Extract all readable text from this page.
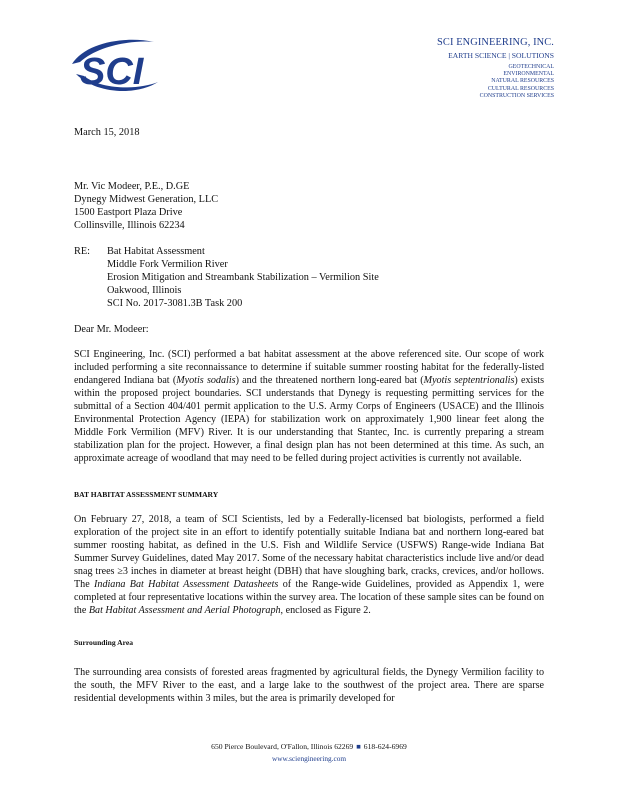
SCI
SCI ENGINEERING, INC.
EARTH SCIENCE | SOLUTIONS
GEOTECHNICAL
ENVIRONMENTAL
NATURAL RESOURCES
CULTURAL RESOURCES
CONSTRUCTION SERVICES
March 15, 2018
Mr. Vic Modeer, P.E., D.GE
Dynegy Midwest Generation, LLC
1500 Eastport Plaza Drive
Collinsville, Illinois 62234
RE:	Bat Habitat Assessment
Middle Fork Vermilion River
Erosion Mitigation and Streambank Stabilization – Vermilion Site
Oakwood, Illinois
SCI No. 2017-3081.3B Task 200
Dear Mr. Modeer:

SCI Engineering, Inc. (SCI) performed a bat habitat assessment at the above referenced site. Our scope of work included performing a site reconnaissance to determine if suitable summer roosting habitat for the federally-listed endangered Indiana bat (Myotis sodalis) and the threatened northern long-eared bat (Myotis septentrionalis) exists within the proposed project boundaries. SCI understands that Dynegy is requesting permitting services for the submittal of a Section 404/401 permit application to the U.S. Army Corps of Engineers (USACE) and the Illinois Environmental Protection Agency (IEPA) for stabilization work on approximately 1,900 linear feet along the Middle Fork Vermilion (MFV) River. It is our understanding that Stantec, Inc. is currently preparing a stream stabilization plan for the project. However, a final design plan has not been determined at this time. As such, an approximate acreage of woodland that may need to be felled during project activities is currently not available.

BAT HABITAT ASSESSMENT SUMMARY

On February 27, 2018, a team of SCI Scientists, led by a Federally-licensed bat biologists, performed a field exploration of the project site in an effort to identify potentially suitable Indiana bat and northern long-eared bat summer roosting habitat, as defined in the U.S. Fish and Wildlife Service (USFWS) Range-wide Indiana Bat Summer Survey Guidelines, dated May 2017. Some of the necessary habitat characteristics include live and/or dead snag trees ≥3 inches in diameter at breast height (DBH) that have sloughing bark, cracks, crevices, and/or hollows. The Indiana Bat Habitat Assessment Datasheets of the Range-wide Guidelines, provided as Appendix 1, were completed at four representative locations within the survey area. The location of these sample sites can be found on the Bat Habitat Assessment and Aerial Photograph, enclosed as Figure 2.

Surrounding Area

The surrounding area consists of forested areas fragmented by agricultural fields, the Dynegy Vermilion facility to the south, the MFV River to the east, and a large lake to the southwest of the project area. There are sparse residential developments within 3 miles, but the area is primarily developed for

650 Pierce Boulevard, O'Fallon, Illinois 62269 ■ 618-624-6969
www.sciengineering.com
